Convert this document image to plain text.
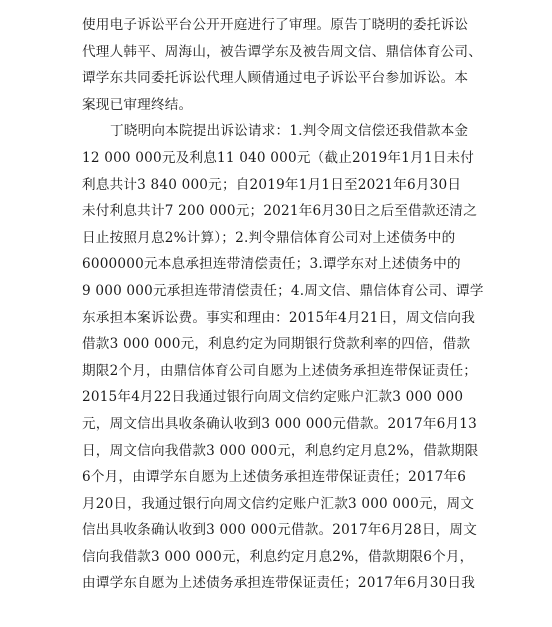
使用电子诉讼平台公开开庭进行了审理。原告丁晓明的委托诉讼
代理人韩平、周海山，被告谭学东及被告周文信、鼎信体育公司、
谭学东共同委托诉讼代理人顾倩通过电子诉讼平台参加诉讼。本
案现已审理终结。
丁晓明向本院提出诉讼请求：1.判令周文信偿还我借款本金
12 000 000元及利息11 040 000元（截止2019年1月1日未付
利息共计3 840 000元；自2019年1月1日至2021年6月30日
未付利息共计7 200 000元；2021年6月30日之后至借款还清之
日止按照月息2%计算）；2.判令鼎信体育公司对上述债务中的
6000000元本息承担连带清偿责任；3.谭学东对上述债务中的
9 000 000元承担连带清偿责任；4.周文信、鼎信体育公司、谭学
东承担本案诉讼费。事实和理由：2015年4月21日，周文信向我
借款3 000 000元，利息约定为同期银行贷款利率的四倍，借款
期限2个月，由鼎信体育公司自愿为上述债务承担连带保证责任；
2015年4月22日我通过银行向周文信约定账户汇款3 000 000
元，周文信出具收条确认收到3 000 000元借款。2017年6月13
日，周文信向我借款3 000 000元，利息约定月息2%，借款期限
6个月，由谭学东自愿为上述债务承担连带保证责任；2017年6
月20日，我通过银行向周文信约定账户汇款3 000 000元，周文
信出具收条确认收到3 000 000元借款。2017年6月28日，周文
信向我借款3 000 000元，利息约定月息2%，借款期限6个月，
由谭学东自愿为上述债务承担连带保证责任；2017年6月30日我
